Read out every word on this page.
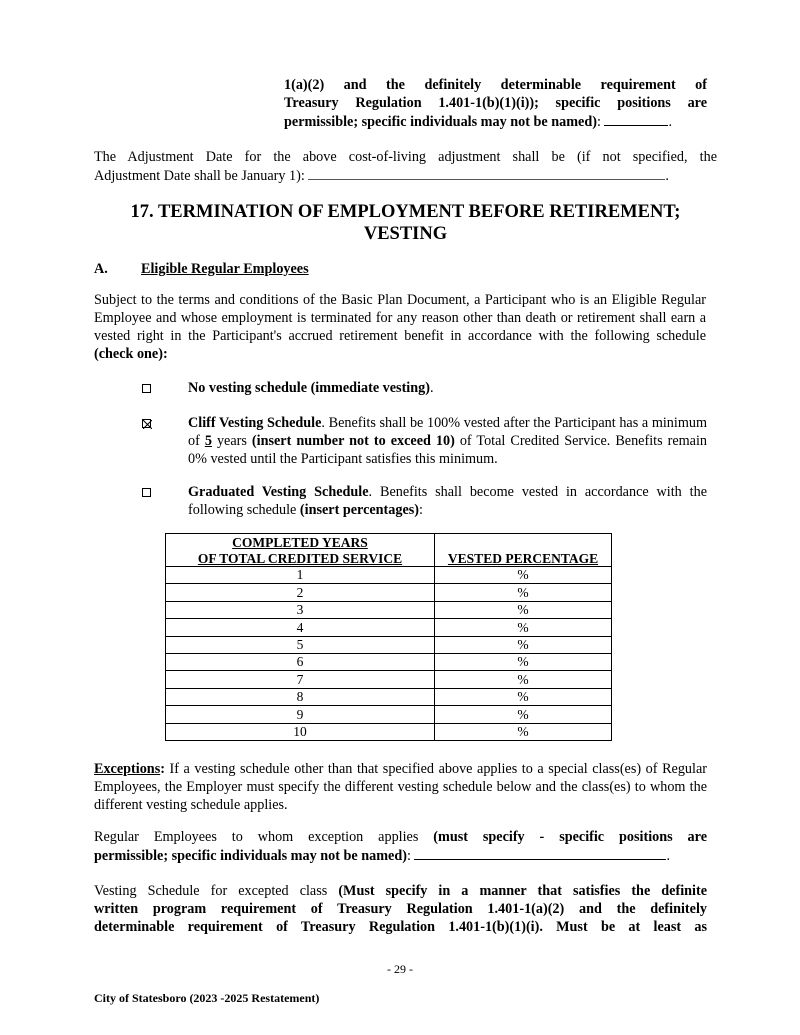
1(a)(2) and the definitely determinable requirement of
Treasury Regulation 1.401-1(b)(1)(i)); specific positions are
permissible; specific individuals may not be named):	.
The Adjustment Date for the above cost-of-living adjustment shall be (if not specified, the
Adjustment Date shall be January 1):	.
17. TERMINATION OF EMPLOYMENT BEFORE RETIREMENT;
VESTING
A. Eligible Regular Employees
Subject to the terms and conditions of the Basic Plan Document, a Participant who is an Eligible Regular Employee and whose employment is terminated for any reason other than death or retirement shall earn a vested right in the Participant's accrued retirement benefit in accordance with the following schedule (check one):
No vesting schedule (immediate vesting).
Cliff Vesting Schedule. Benefits shall be 100% vested after the Participant has a minimum of 5 years (insert number not to exceed 10) of Total Credited Service. Benefits remain 0% vested until the Participant satisfies this minimum.
Graduated Vesting Schedule. Benefits shall become vested in accordance with the following schedule (insert percentages):
COMPLETED YEARS
OF TOTAL CREDITED SERVICE	VESTED PERCENTAGE
1	%
2	%
3	%
4	%
5	%
6	%
7	%
8	%
9	%
10	%
Exceptions: If a vesting schedule other than that specified above applies to a special class(es) of Regular Employees, the Employer must specify the different vesting schedule below and the class(es) to whom the different vesting schedule applies.
Regular Employees to whom exception applies (must specify - specific positions are
permissible; specific individuals may not be named):	.
Vesting Schedule for excepted class (Must specify in a manner that satisfies the definite
written program requirement of Treasury Regulation 1.401-1(a)(2) and the definitely
determinable requirement of Treasury Regulation 1.401-1(b)(1)(i). Must be at least as
- 29 -
City of Statesboro (2023 -2025 Restatement)
